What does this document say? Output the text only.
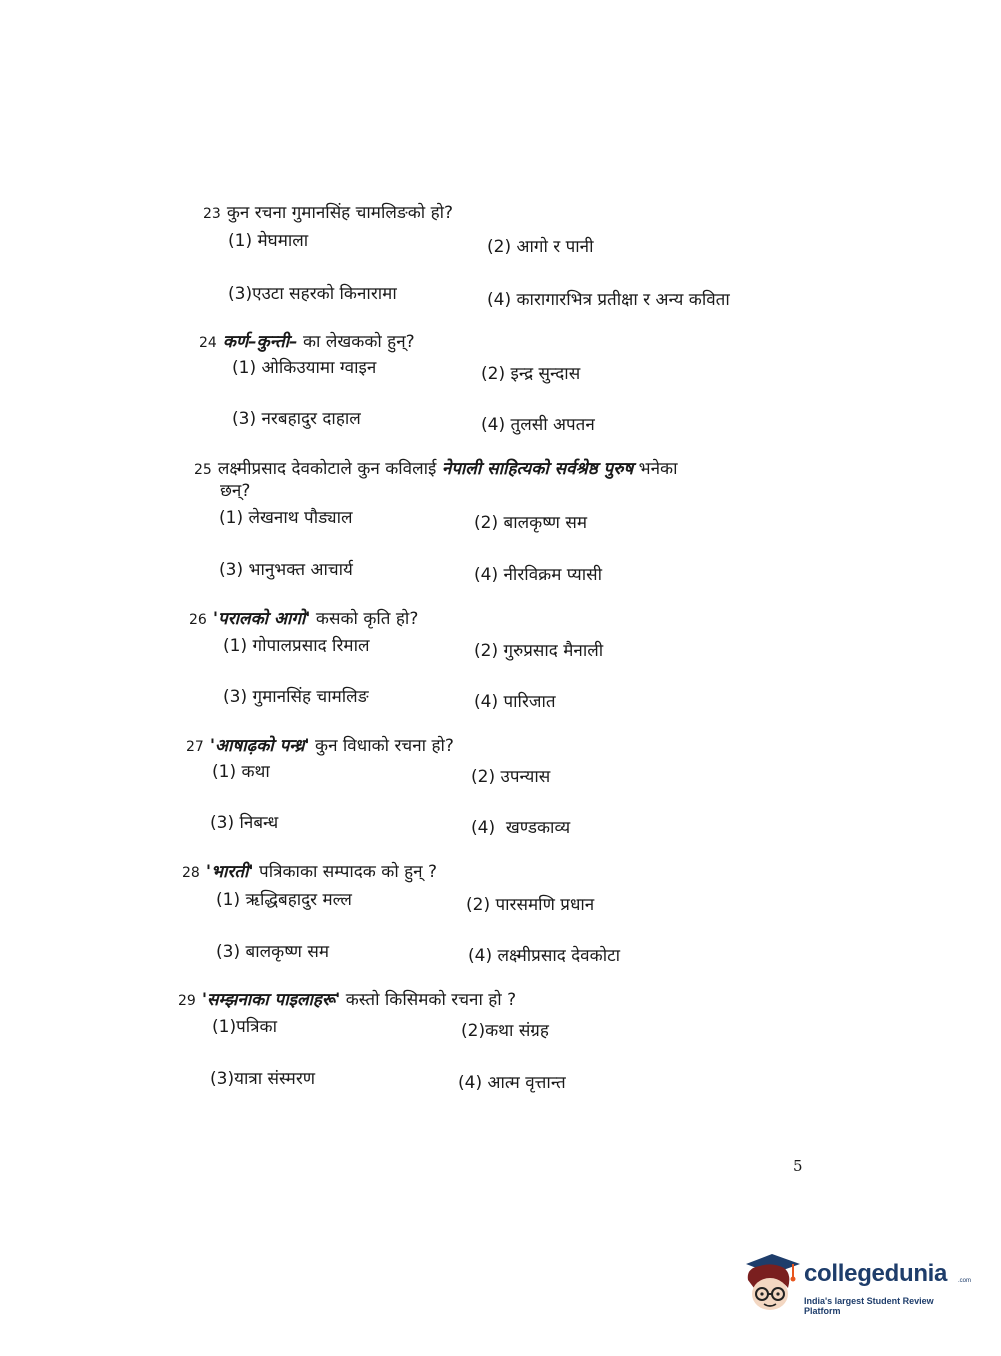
23 कुन रचना गुमानसिंह चामलिङको हो?
(1) मेघमाला	(2) आगो र पानी
(3)एउटा सहरको किनारामा	(4) कारागारभित्र प्रतीक्षा र अन्य कविता
24 कर्ण–कुन्ती– का लेखकको हुन्?
(1) ओकिउयामा ग्वाइन	(2) इन्द्र सुन्दास
(3) नरबहादुर दाहाल	(4) तुलसी अपतन
25 लक्ष्मीप्रसाद देवकोटाले कुन कविलाई नेपाली साहित्यको सर्वश्रेष्ठ पुरुष भनेका
छन्?
(1) लेखनाथ पौड्याल	(2) बालकृष्ण सम
(3) भानुभक्त आचार्य	(4) नीरविक्रम प्यासी
26 'परालको आगो' कसको कृति हो?
(1) गोपालप्रसाद रिमाल	(2) गुरुप्रसाद मैनाली
(3) गुमानसिंह चामलिङ	(4) पारिजात
27 'आषाढ़को पन्ध्र' कुन विधाको रचना हो?
(1) कथा	(2) उपन्यास
(3) निबन्ध	(4) खण्डकाव्य
28 'भारती' पत्रिकाका सम्पादक को हुन् ?
(1) ऋद्धिबहादुर मल्ल	(2) पारसमणि प्रधान
(3) बालकृष्ण सम	(4) लक्ष्मीप्रसाद देवकोटा
29 'सम्झनाका पाइलाहरू' कस्तो किसिमको रचना हो ?
(1)पत्रिका	(2)कथा संग्रह
(3)यात्रा संस्मरण	(4) आत्म वृत्तान्त
5
collegedunia .com
India's largest Student Review Platform
